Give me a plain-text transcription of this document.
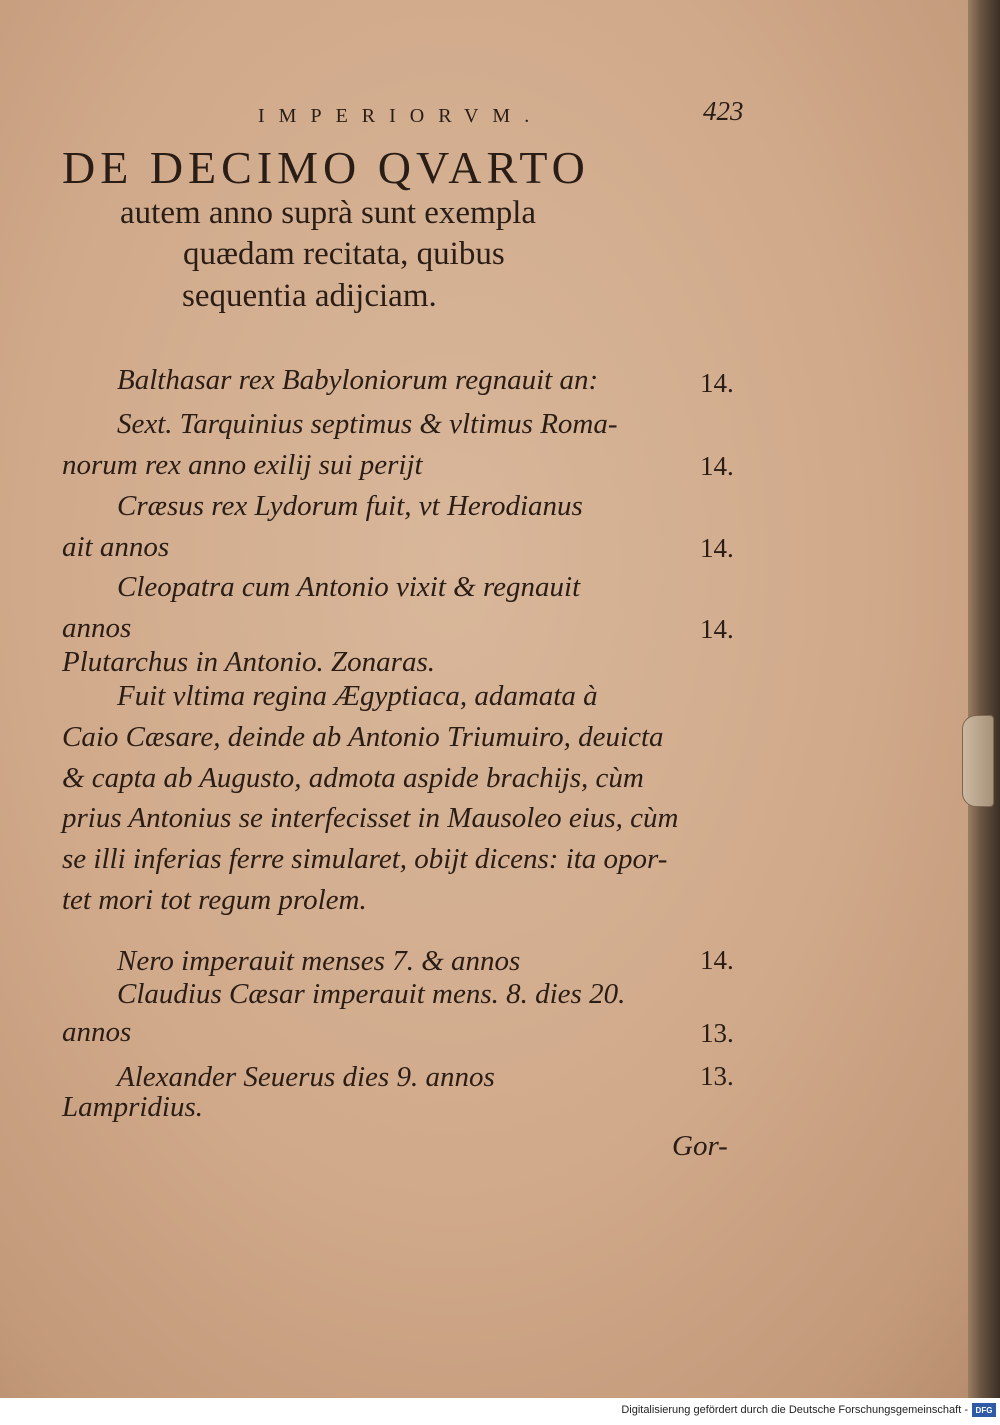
IMPERIORVM.	423
DE DECIMO QVARTO
autem anno suprà sunt exempla
quædam recitata, quibus
sequentia adijciam.
Balthasar rex Babyloniorum regnauit an:	14.
Sext. Tarquinius septimus & vltimus Roma-
norum rex anno exilij sui periјt	14.
Cræsus rex Lydorum fuit, vt Herodianus
ait annos	14.
Cleopatra cum Antonio vixit & regnauit
annos	14.
Plutarchus in Antonio. Zonaras.
Fuit vltima regina Ægyptiaca, adamata à
Caio Cæsare, deinde ab Antonio Triumuiro, deuicta
& capta ab Augusto, admota aspide brachijs, cùm
prius Antonius se interfecisset in Mausoleo eius, cùm
se illi inferias ferre simularet, obijt dicens: ita opor-
tet mori tot regum prolem.
Nero imperauit menses 7. & annos	14.
Claudius Cæsar imperauit mens. 8. dies 20.
annos	13.
Alexander Seuerus dies 9. annos	13.
Lampridius.
Gor-
Digitalisierung gefördert durch die Deutsche Forschungsgemeinschaft - DFG
